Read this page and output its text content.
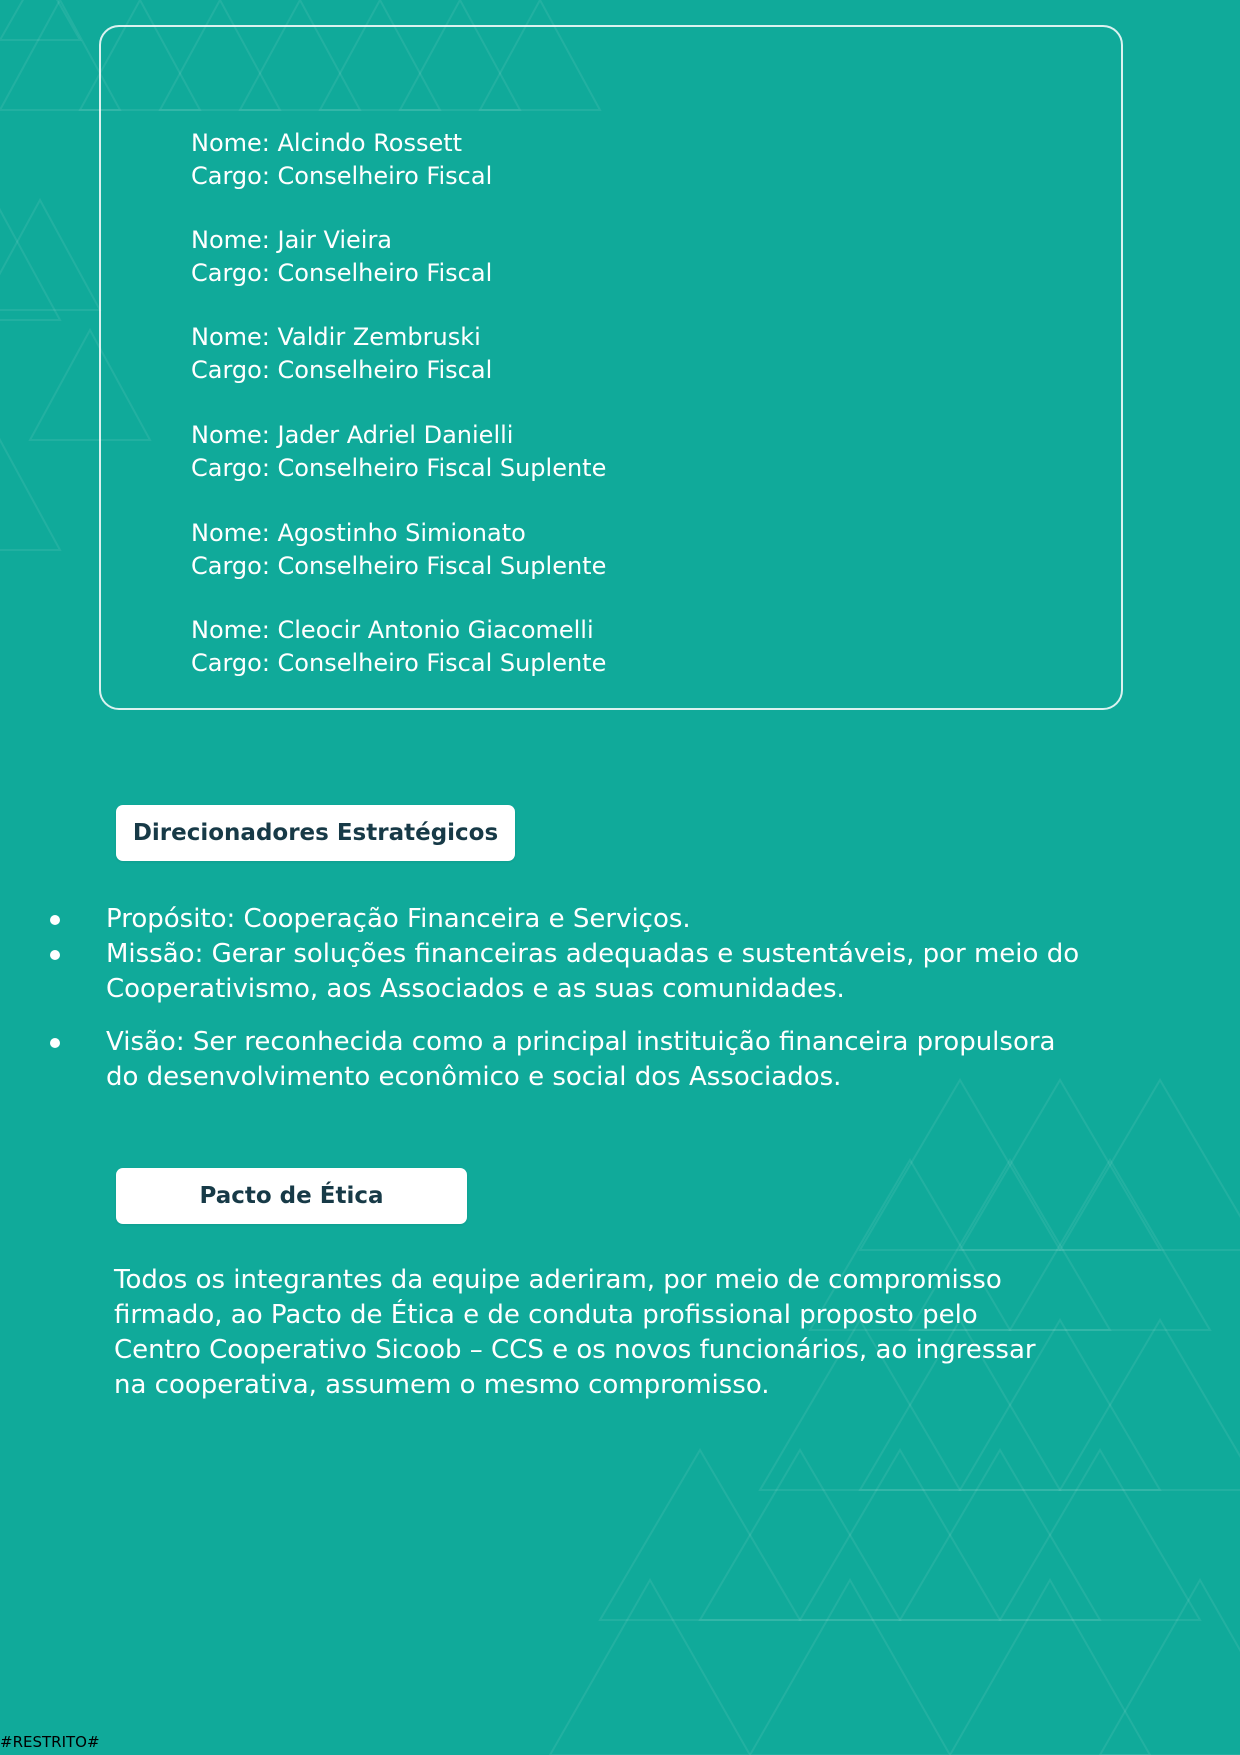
Nome: Alcindo Rossett
Cargo: Conselheiro Fiscal
Nome: Jair Vieira
Cargo: Conselheiro Fiscal
Nome: Valdir Zembruski
Cargo: Conselheiro Fiscal
Nome: Jader Adriel Danielli
Cargo: Conselheiro Fiscal Suplente
Nome: Agostinho Simionato
Cargo: Conselheiro Fiscal Suplente
Nome: Cleocir Antonio Giacomelli
Cargo: Conselheiro Fiscal Suplente
Direcionadores Estratégicos
Propósito: Cooperação Financeira e Serviços.
Missão: Gerar soluções financeiras adequadas e sustentáveis, por meio do
Cooperativismo, aos Associados e as suas comunidades.
Visão: Ser reconhecida como a principal instituição financeira propulsora
do desenvolvimento econômico e social dos Associados.
Pacto de Ética
Todos os integrantes da equipe aderiram, por meio de compromisso
firmado, ao Pacto de Ética e de conduta profissional proposto pelo
Centro Cooperativo Sicoob – CCS e os novos funcionários, ao ingressar
na cooperativa, assumem o mesmo compromisso.
#RESTRITO#
